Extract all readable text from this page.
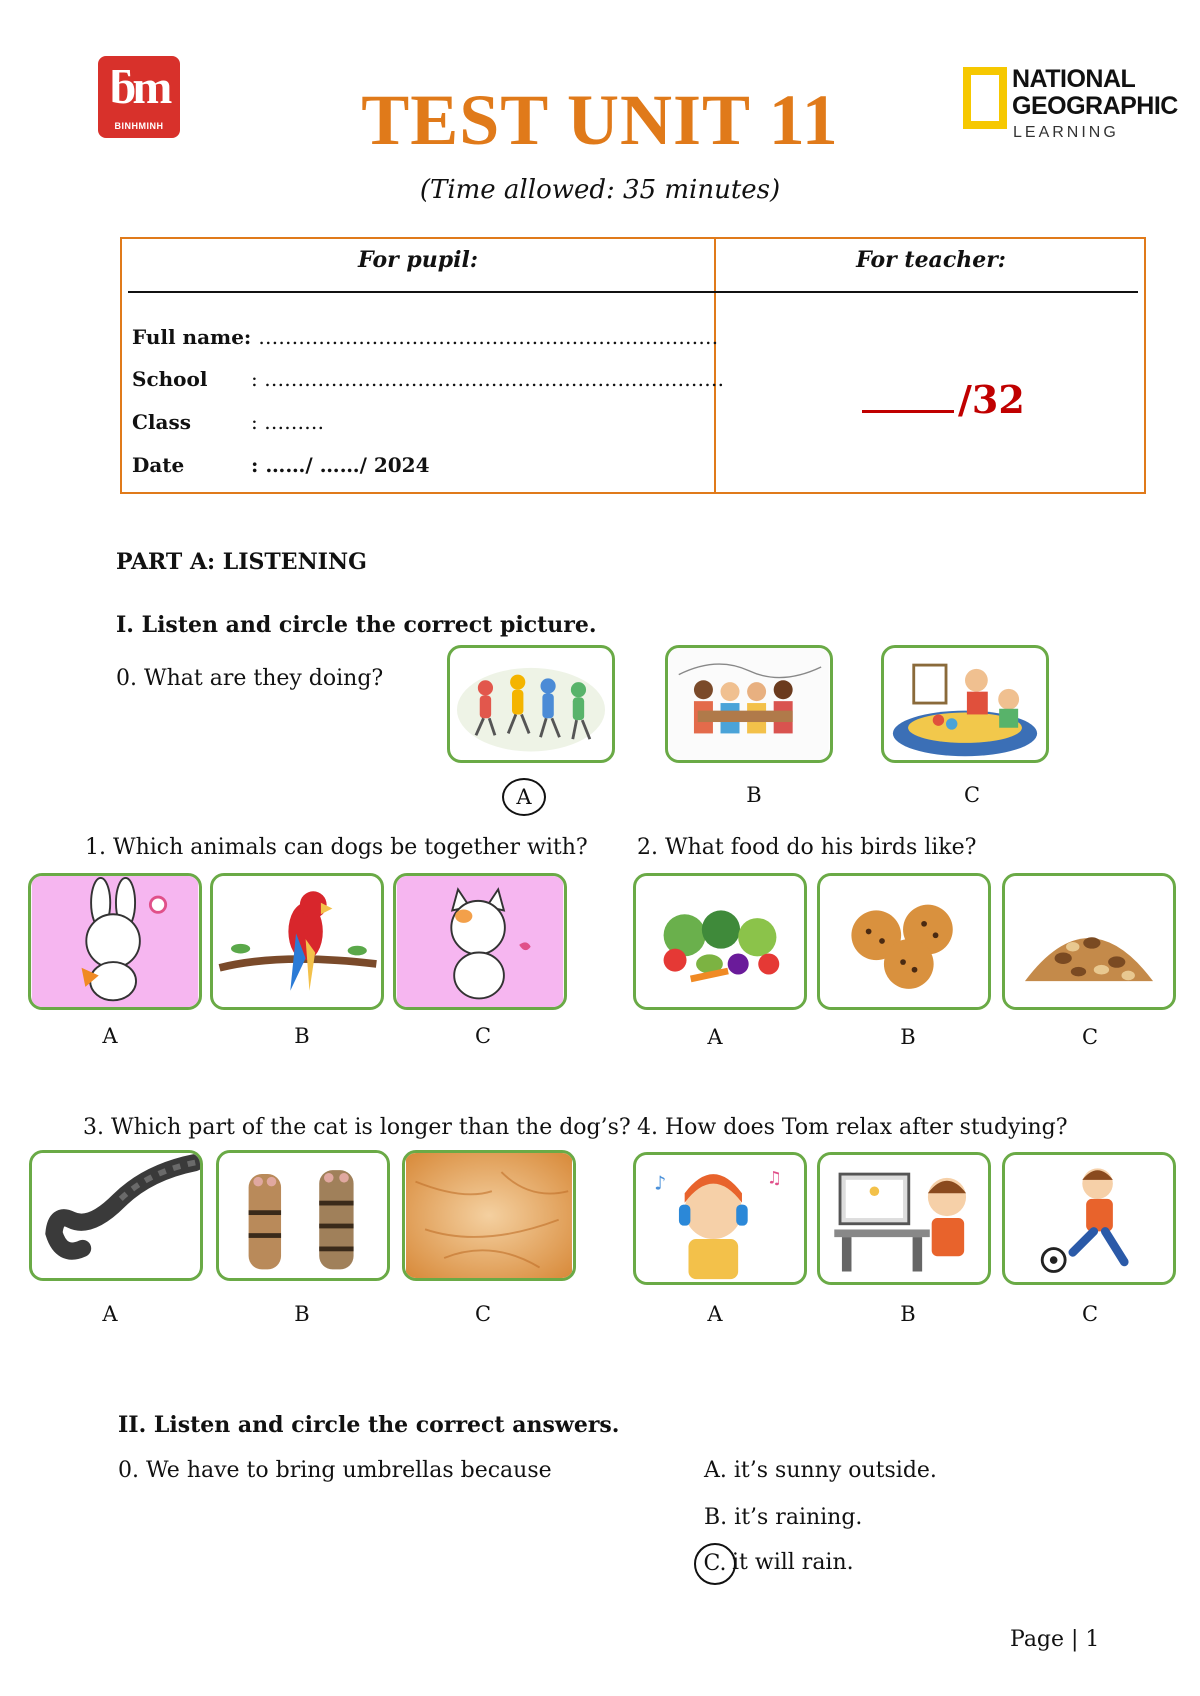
ƃm
BINHMINH	TEST UNIT 11
(Time allowed: 35 minutes)
NATIONAL
GEOGRAPHIC
LEARNING
For pupil:	For teacher:
Full name: ……………………………………………………………
School : ……………………………………………………………
Class	: ………
Date	: ……/ ……/ 2024
/32
PART A: LISTENING
I. Listen and circle the correct picture.
0. What are they doing?
A	B	C
1. Which animals can dogs be together with?
A	B	C
2. What food do his birds like?
A	B	C
3. Which part of the cat is longer than the dog’s?
A	B	C
4. How does Tom relax after studying?
♪	♫
A	B	C
II. Listen and circle the correct answers.
0. We have to bring umbrellas because	A. it’s sunny outside.
B. it’s raining.
C. it will rain.
Page | 1
